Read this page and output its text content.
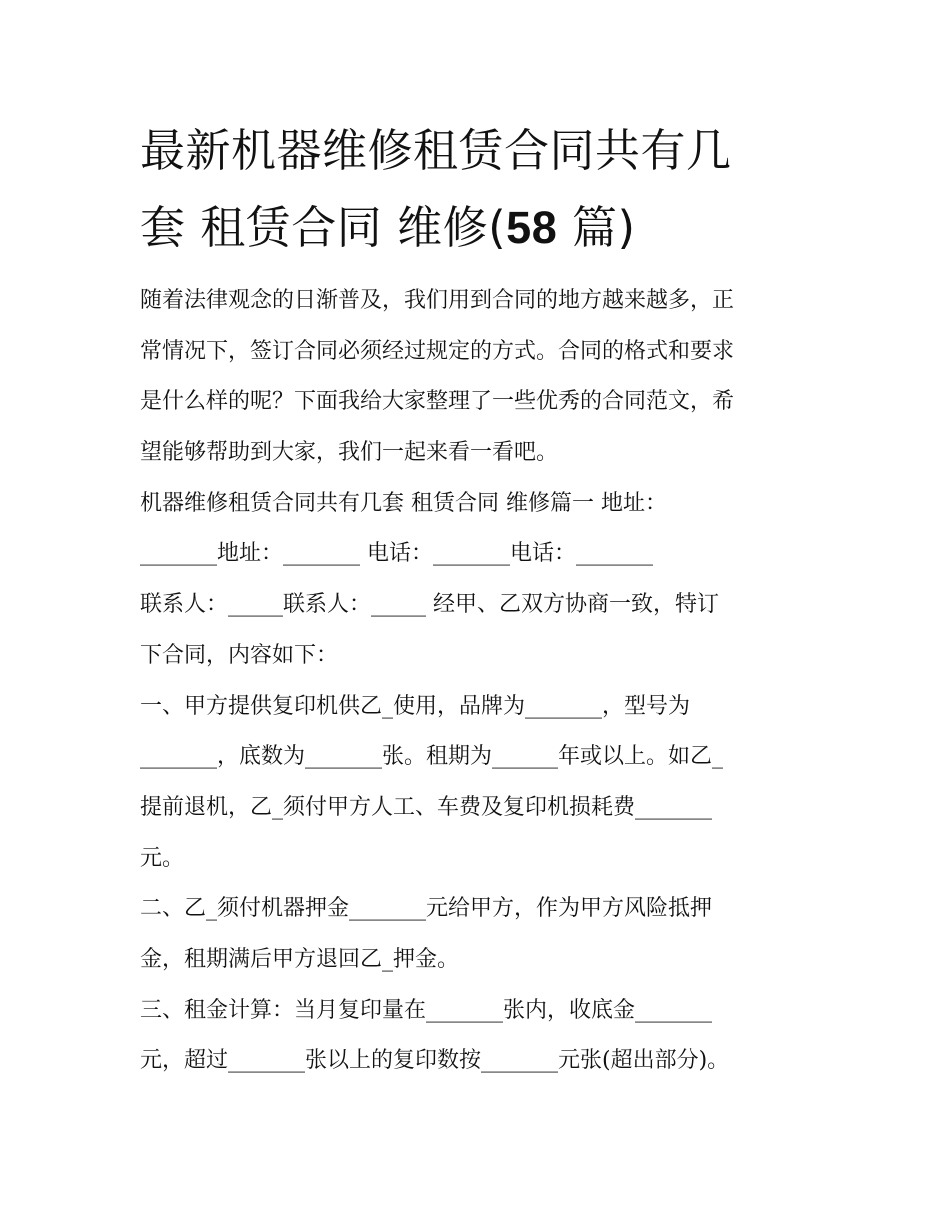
最新机器维修租赁合同共有几
套 租赁合同 维修(58 篇)
随着法律观念的日渐普及，我们用到合同的地方越来越多，正
常情况下，签订合同必须经过规定的方式。合同的格式和要求
是什么样的呢？下面我给大家整理了一些优秀的合同范文，希
望能够帮助到大家，我们一起来看一看吧。
机器维修租赁合同共有几套 租赁合同 维修篇一 地址：
_______地址：_______ 电话：_______电话：_______
联系人：_____联系人：_____ 经甲、乙双方协商一致，特订
下合同，内容如下：
一、甲方提供复印机供乙_使用，品牌为_______，型号为
_______，底数为_______张。租期为______年或以上。如乙_
提前退机，乙_须付甲方人工、车费及复印机损耗费_______
元。
二、乙_须付机器押金_______元给甲方，作为甲方风险抵押
金，租期满后甲方退回乙_押金。
三、租金计算：当月复印量在_______张内，收底金_______
元，超过_______张以上的复印数按_______元张(超出部分)。
